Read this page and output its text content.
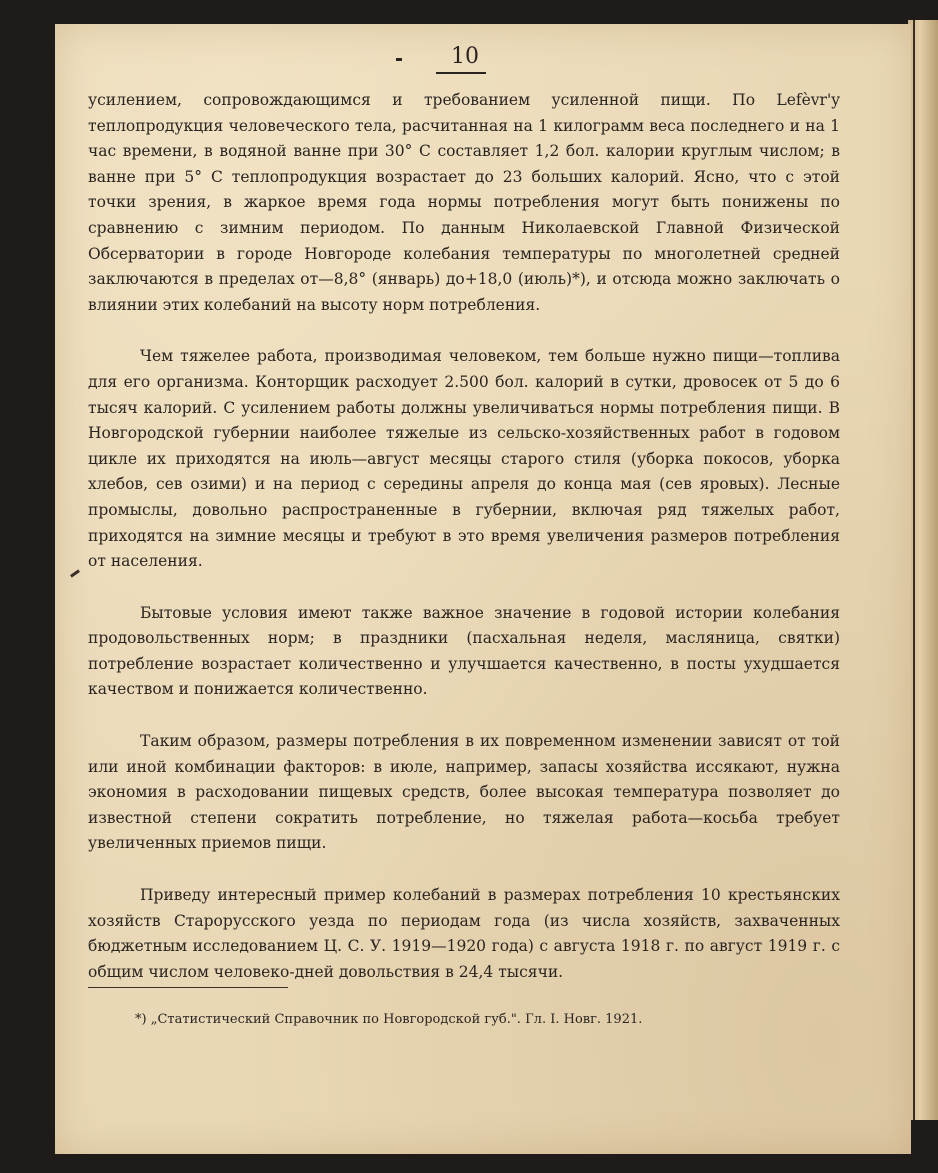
10

усилением, сопровождающимся и требованием усиленной пищи. По Lefèvr'y теплопродукция человеческого тела, расчитанная на 1 килограмм веса последнего и на 1 час времени, в водяной ванне при 30° C составляет 1,2 бол. калории круглым числом; в ванне при 5° C теплопродукция возрастает до 23 больших калорий. Ясно, что с этой точки зрения, в жаркое время года нормы потребления могут быть понижены по сравнению с зимним периодом. По данным Николаевской Главной Физической Обсерватории в городе Новгороде колебания температуры по многолетней средней заключаются в пределах от—8,8° (январь) до+18,0 (июль)*), и отсюда можно заключать о влиянии этих колебаний на высоту норм потребления.

Чем тяжелее работа, производимая человеком, тем больше нужно пищи—топлива для его организма. Конторщик расходует 2.500 бол. калорий в сутки, дровосек от 5 до 6 тысяч калорий. С усилением работы должны увеличиваться нормы потребления пищи. В Новгородской губернии наиболее тяжелые из сельско-хозяйственных работ в годовом цикле их приходятся на июль—август месяцы старого стиля (уборка покосов, уборка хлебов, сев озими) и на период с середины апреля до конца мая (сев яровых). Лесные промыслы, довольно распространенные в губернии, включая ряд тяжелых работ, приходятся на зимние месяцы и требуют в это время увеличения размеров потребления от населения.

Бытовые условия имеют также важное значение в годовой истории колебания продовольственных норм; в праздники (пасхальная неделя, масляница, святки) потребление возрастает количественно и улучшается качественно, в посты ухудшается качеством и понижается количественно.

Таким образом, размеры потребления в их повременном изменении зависят от той или иной комбинации факторов: в июле, например, запасы хозяйства иссякают, нужна экономия в расходовании пищевых средств, более высокая температура позволяет до известной степени сократить потребление, но тяжелая работа—косьба требует увеличенных приемов пищи.

Приведу интересный пример колебаний в размерах потребления 10 крестьянских хозяйств Старорусского уезда по периодам года (из числа хозяйств, захваченных бюджетным исследованием Ц. С. У. 1919—1920 года) с августа 1918 г. по август 1919 г. с общим числом человеко-дней довольствия в 24,4 тысячи.

*) „Статистический Справочник по Новгородской губ.". Гл. I. Новг. 1921.
